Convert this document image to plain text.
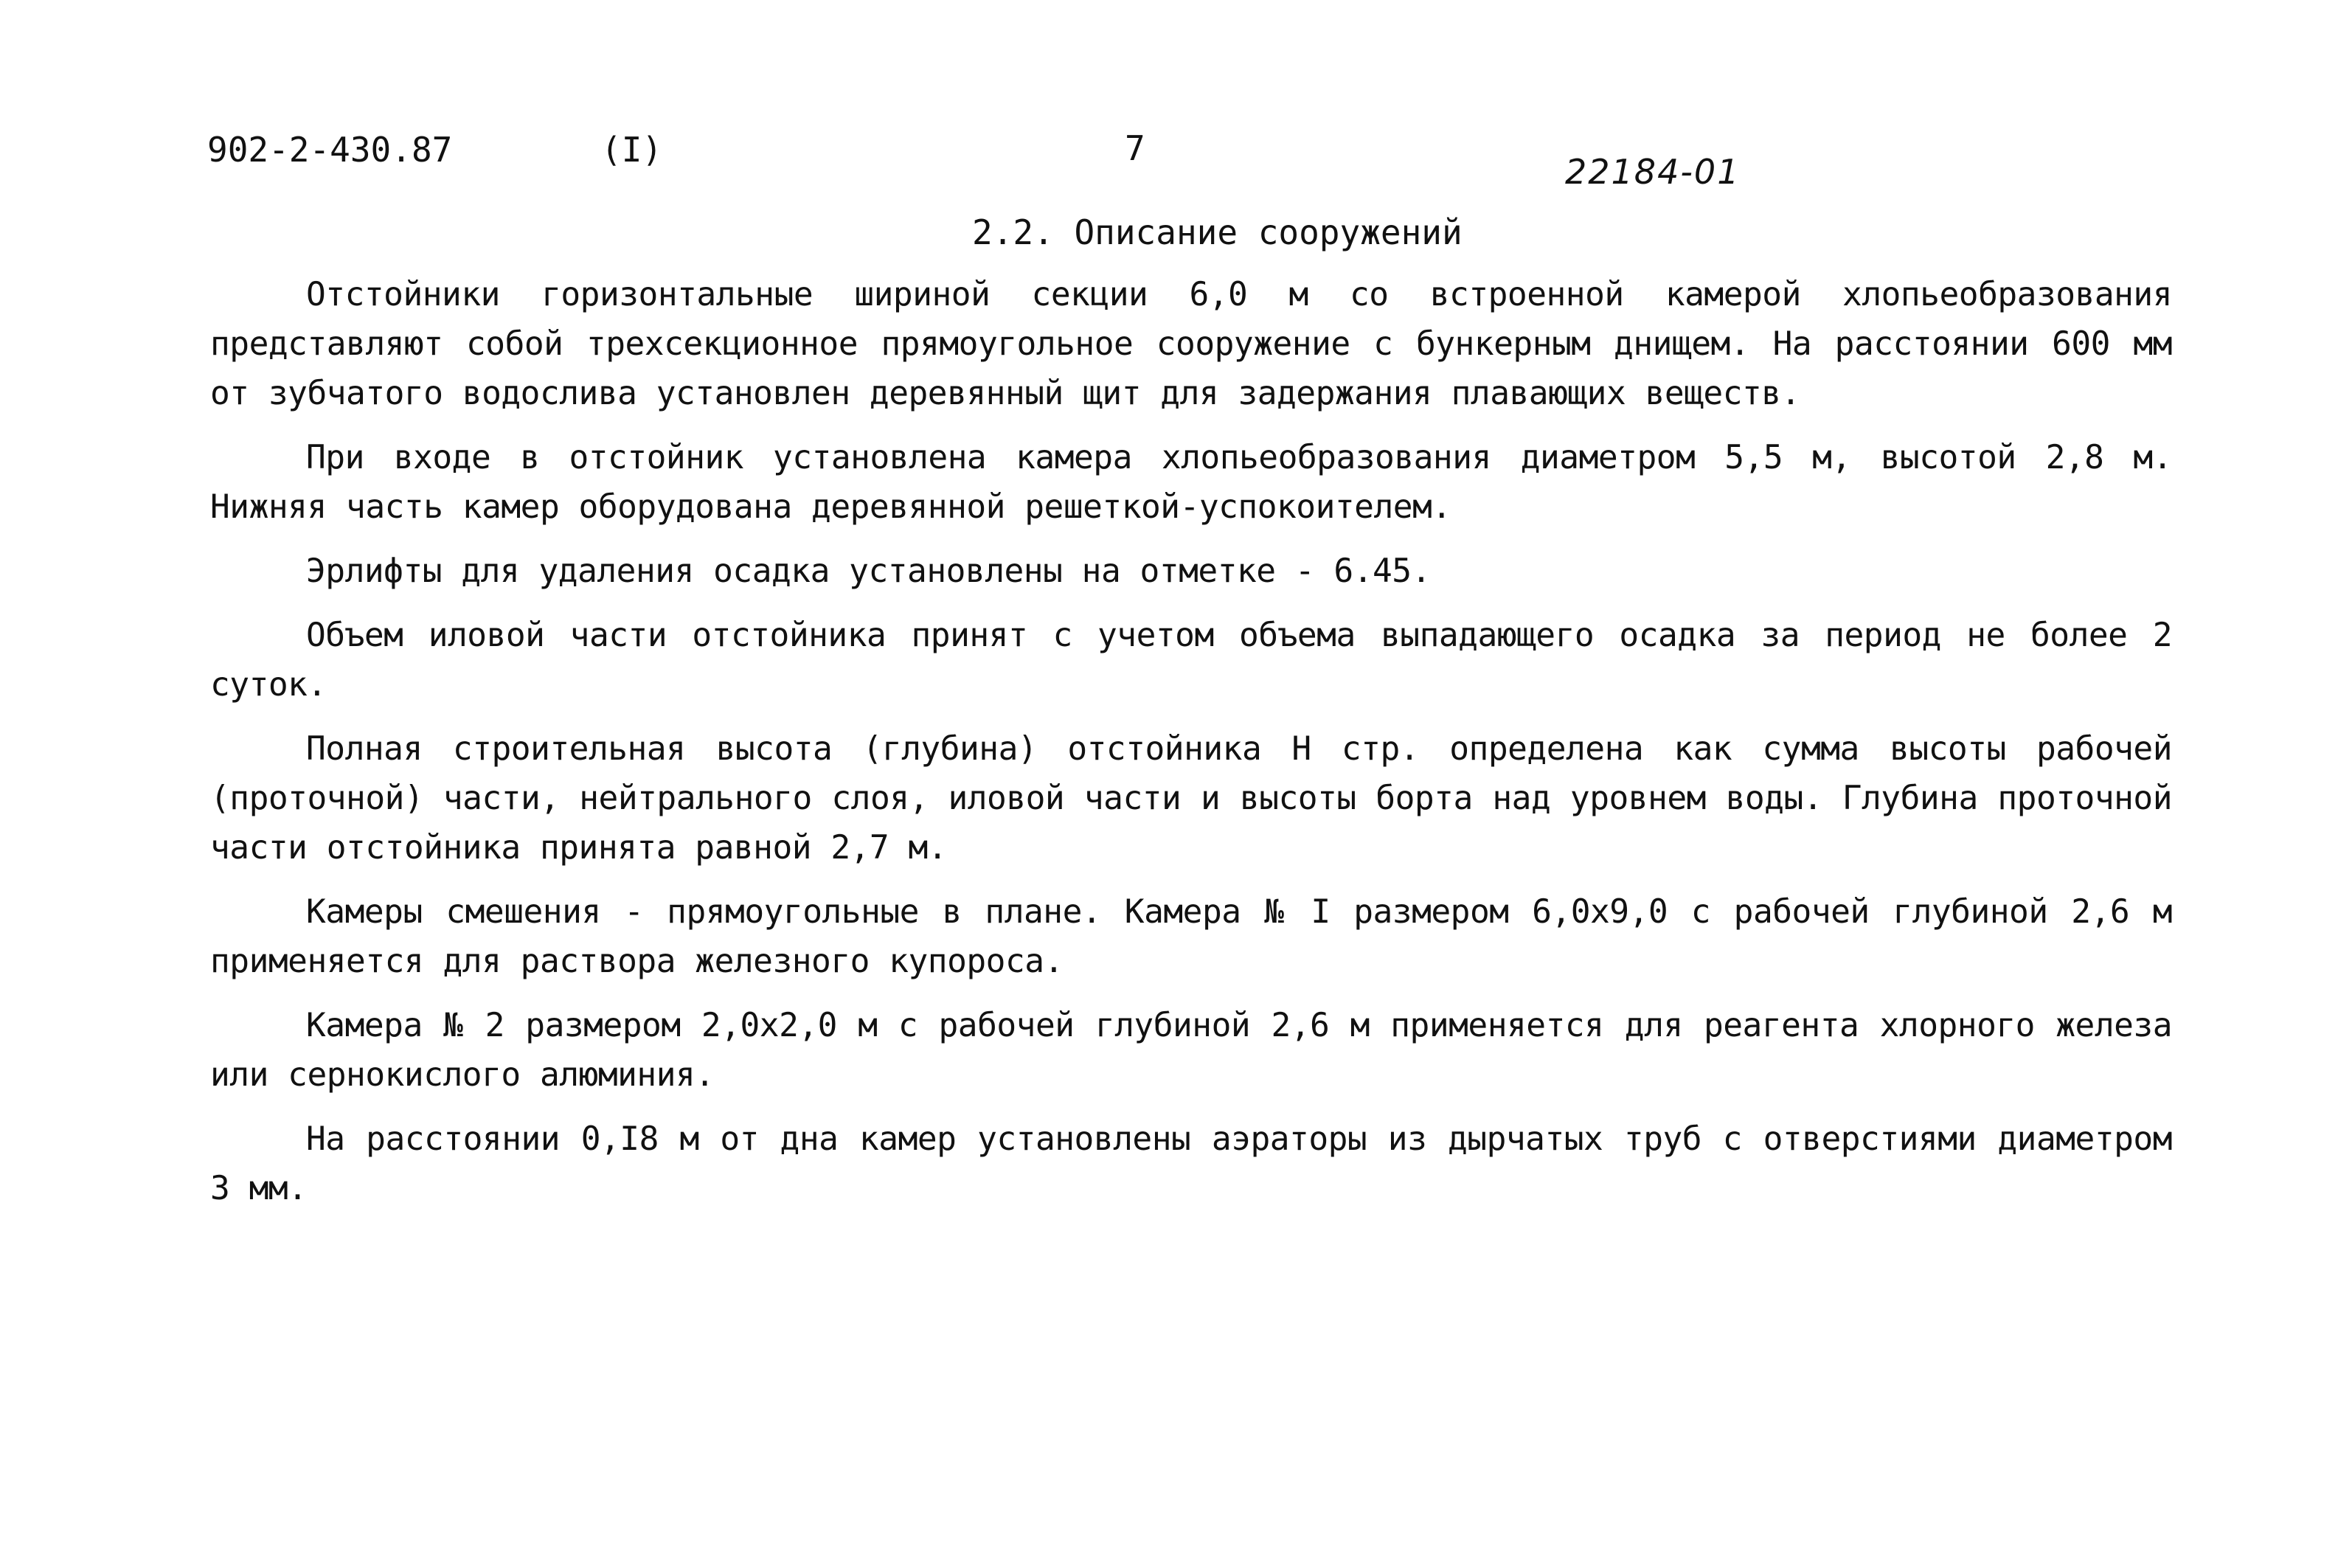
902-2-430.87	(I)	7
22184-01
2.2. Описание сооружений

Отстойники горизонтальные шириной секции 6,0 м со встроенной камерой хлопьеобразования представляют собой трехсекционное прямоугольное сооружение с бункерным днищем. На расстоянии 600 мм от зубчатого водослива установлен деревянный щит для задержания плавающих веществ.

При входе в отстойник установлена камера хлопьеобразования диаметром 5,5 м, высотой 2,8 м. Нижняя часть камер оборудована деревянной решеткой-успокоителем.

Эрлифты для удаления осадка установлены на отметке - 6.45.

Объем иловой части отстойника принят с учетом объема выпадающего осадка за период не более 2 суток.

Полная строительная высота (глубина) отстойника Н стр. определена как сумма высоты рабочей (проточной) части, нейтрального слоя, иловой части и высоты борта над уровнем воды. Глубина проточной части отстойника принята равной 2,7 м.

Камеры смешения - прямоугольные в плане. Камера № I размером 6,0х9,0 с рабочей глубиной 2,6 м применяется для раствора железного купороса.

Камера № 2 размером 2,0х2,0 м с рабочей глубиной 2,6 м применяется для реагента хлорного железа или сернокислого алюминия.

На расстоянии 0,I8 м от дна камер установлены аэраторы из дырчатых труб с отверстиями диаметром 3 мм.
